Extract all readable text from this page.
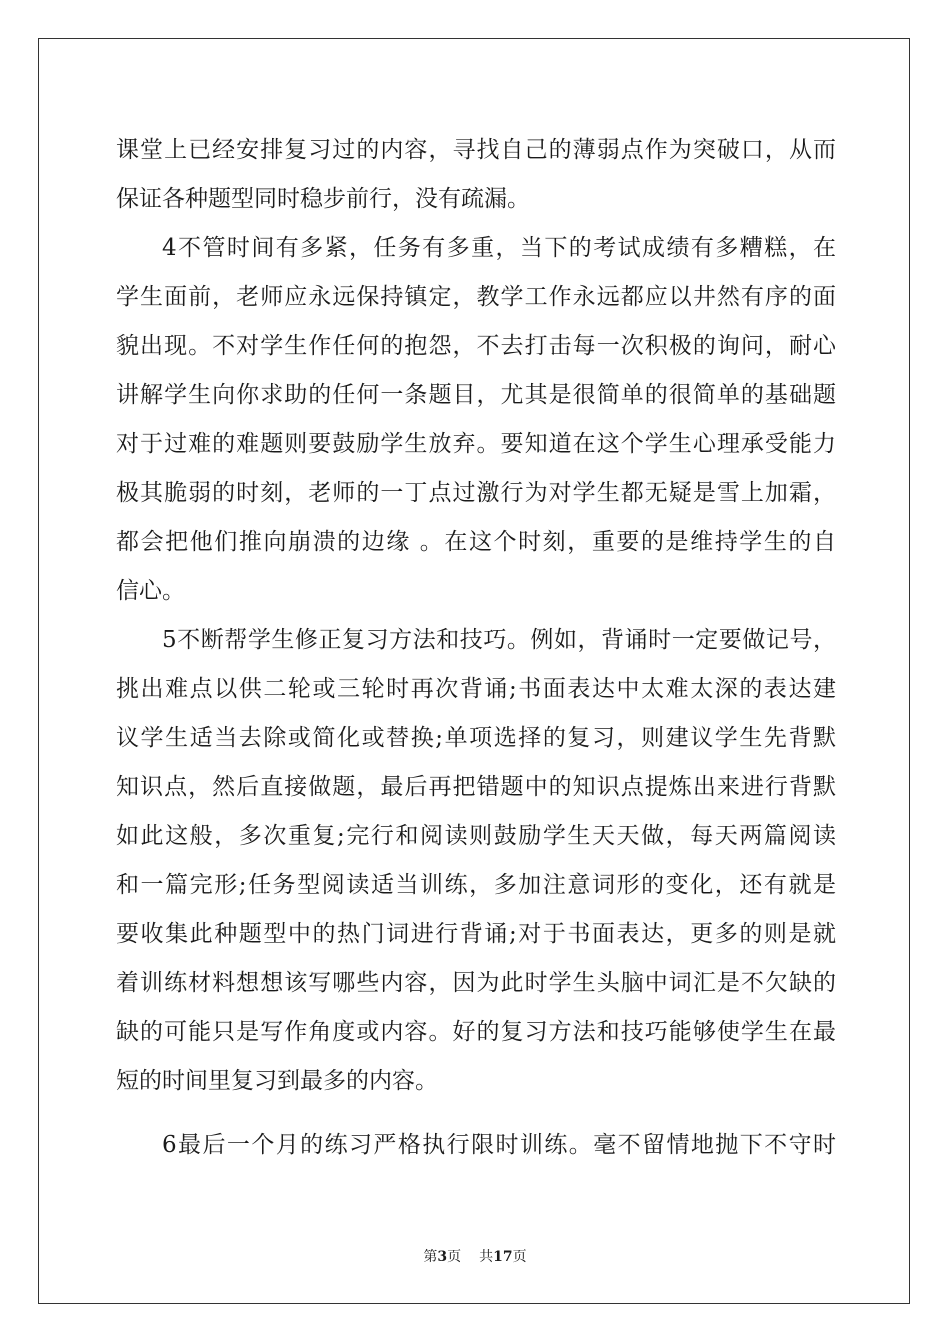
课堂上已经安排复习过的内容，寻找自己的薄弱点作为突破口，从而
保证各种题型同时稳步前行，没有疏漏。
4不管时间有多紧，任务有多重，当下的考试成绩有多糟糕，在
学生面前，老师应永远保持镇定，教学工作永远都应以井然有序的面
貌出现。不对学生作任何的抱怨，不去打击每一次积极的询问，耐心
讲解学生向你求助的任何一条题目，尤其是很简单的很简单的基础题
对于过难的难题则要鼓励学生放弃。要知道在这个学生心理承受能力
极其脆弱的时刻，老师的一丁点过激行为对学生都无疑是雪上加霜，
都会把他们推向崩溃的边缘 。在这个时刻，重要的是维持学生的自
信心。
5不断帮学生修正复习方法和技巧。例如，背诵时一定要做记号，
挑出难点以供二轮或三轮时再次背诵;书面表达中太难太深的表达建
议学生适当去除或简化或替换;单项选择的复习，则建议学生先背默
知识点，然后直接做题，最后再把错题中的知识点提炼出来进行背默
如此这般，多次重复;完行和阅读则鼓励学生天天做，每天两篇阅读
和一篇完形;任务型阅读适当训练，多加注意词形的变化，还有就是
要收集此种题型中的热门词进行背诵;对于书面表达，更多的则是就
着训练材料想想该写哪些内容，因为此时学生头脑中词汇是不欠缺的
缺的可能只是写作角度或内容。好的复习方法和技巧能够使学生在最
短的时间里复习到最多的内容。
6最后一个月的练习严格执行限时训练。毫不留情地抛下不守时
第3页 共17页
